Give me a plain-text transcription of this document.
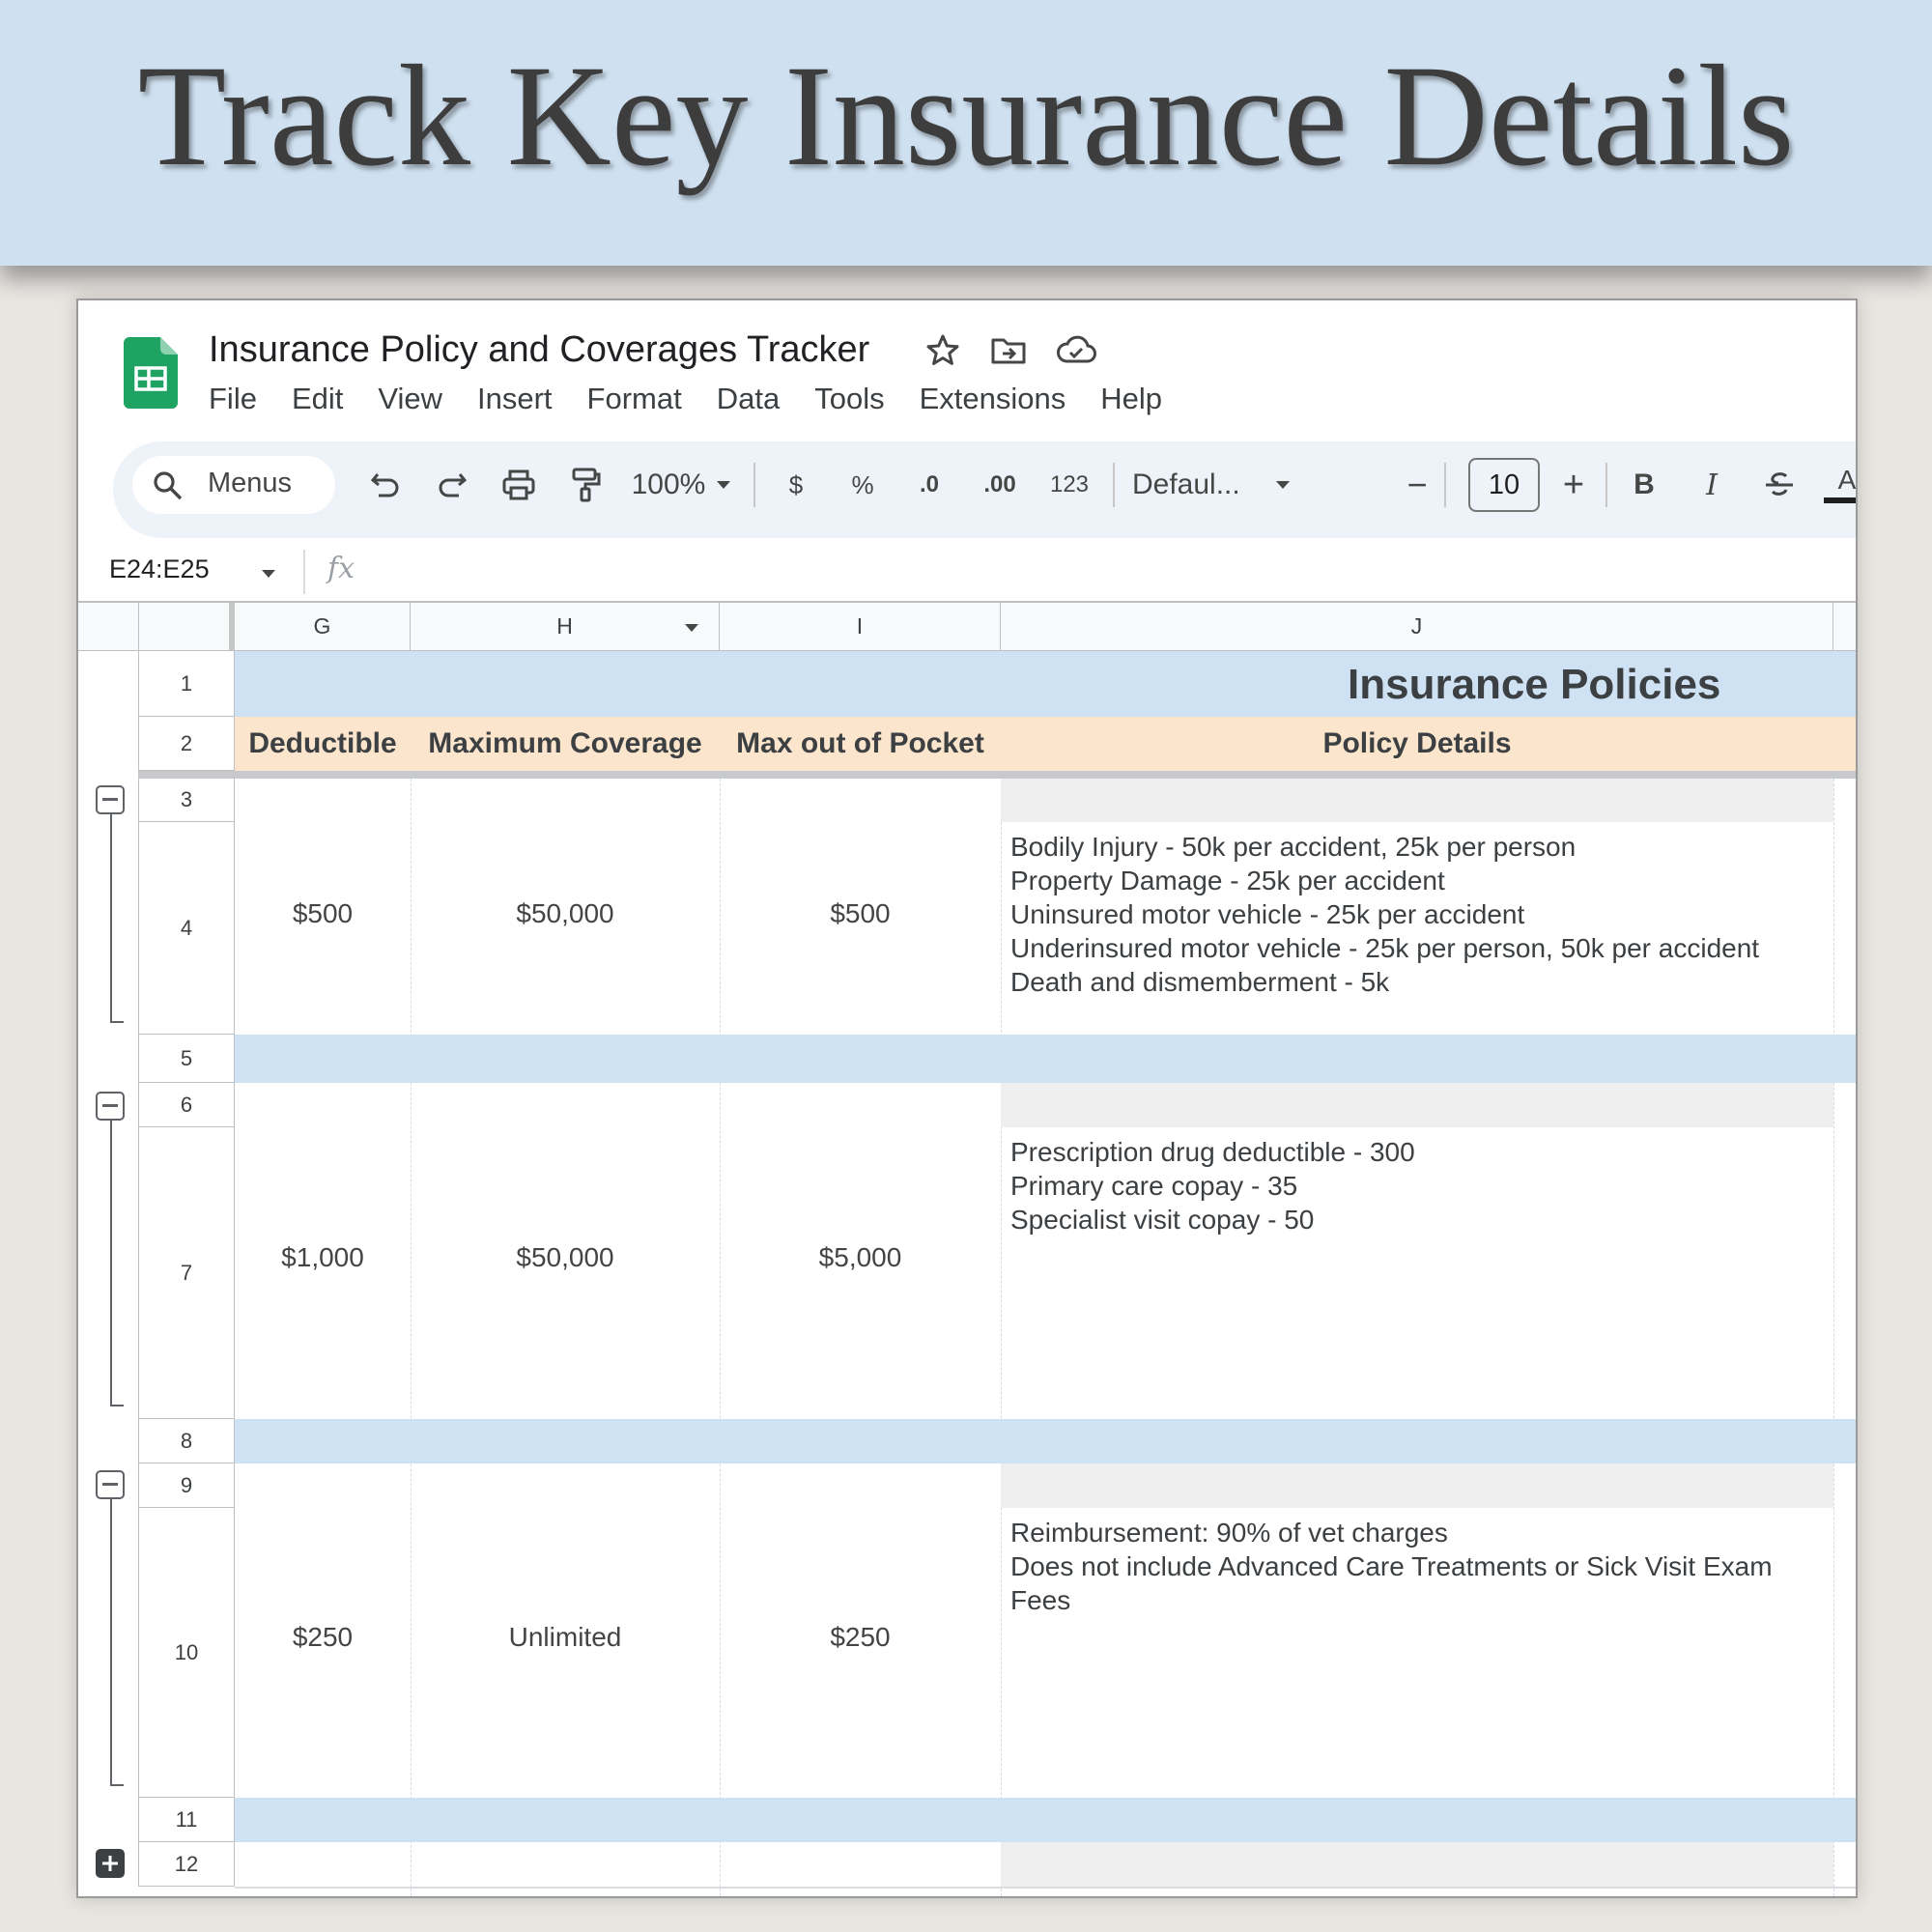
Track Key Insurance Details
Insurance Policy and Coverages Tracker
File Edit View Insert Format Data Tools Extensions Help
Menus	100%	$	%	.0	.00	123 Defaul...	−	10	+	B	I	A
E24:E25	fx
G	H	I	J
1
2
3
4
5
6
7
8
9
10
11
12
Insurance Policies
Deductible	Maximum Coverage	Max out of Pocket	Policy Details
$500	$50,000	$500
Bodily Injury - 50k per accident, 25k per person
Property Damage - 25k per accident
Uninsured motor vehicle - 25k per accident
Underinsured motor vehicle - 25k per person, 50k per accident
Death and dismemberment - 5k
$1,000	$50,000	$5,000
Prescription drug deductible - 300
Primary care copay - 35
Specialist visit copay - 50
$250	Unlimited	$250
Reimbursement: 90% of vet charges
Does not include Advanced Care Treatments or Sick Visit Exam
Fees
